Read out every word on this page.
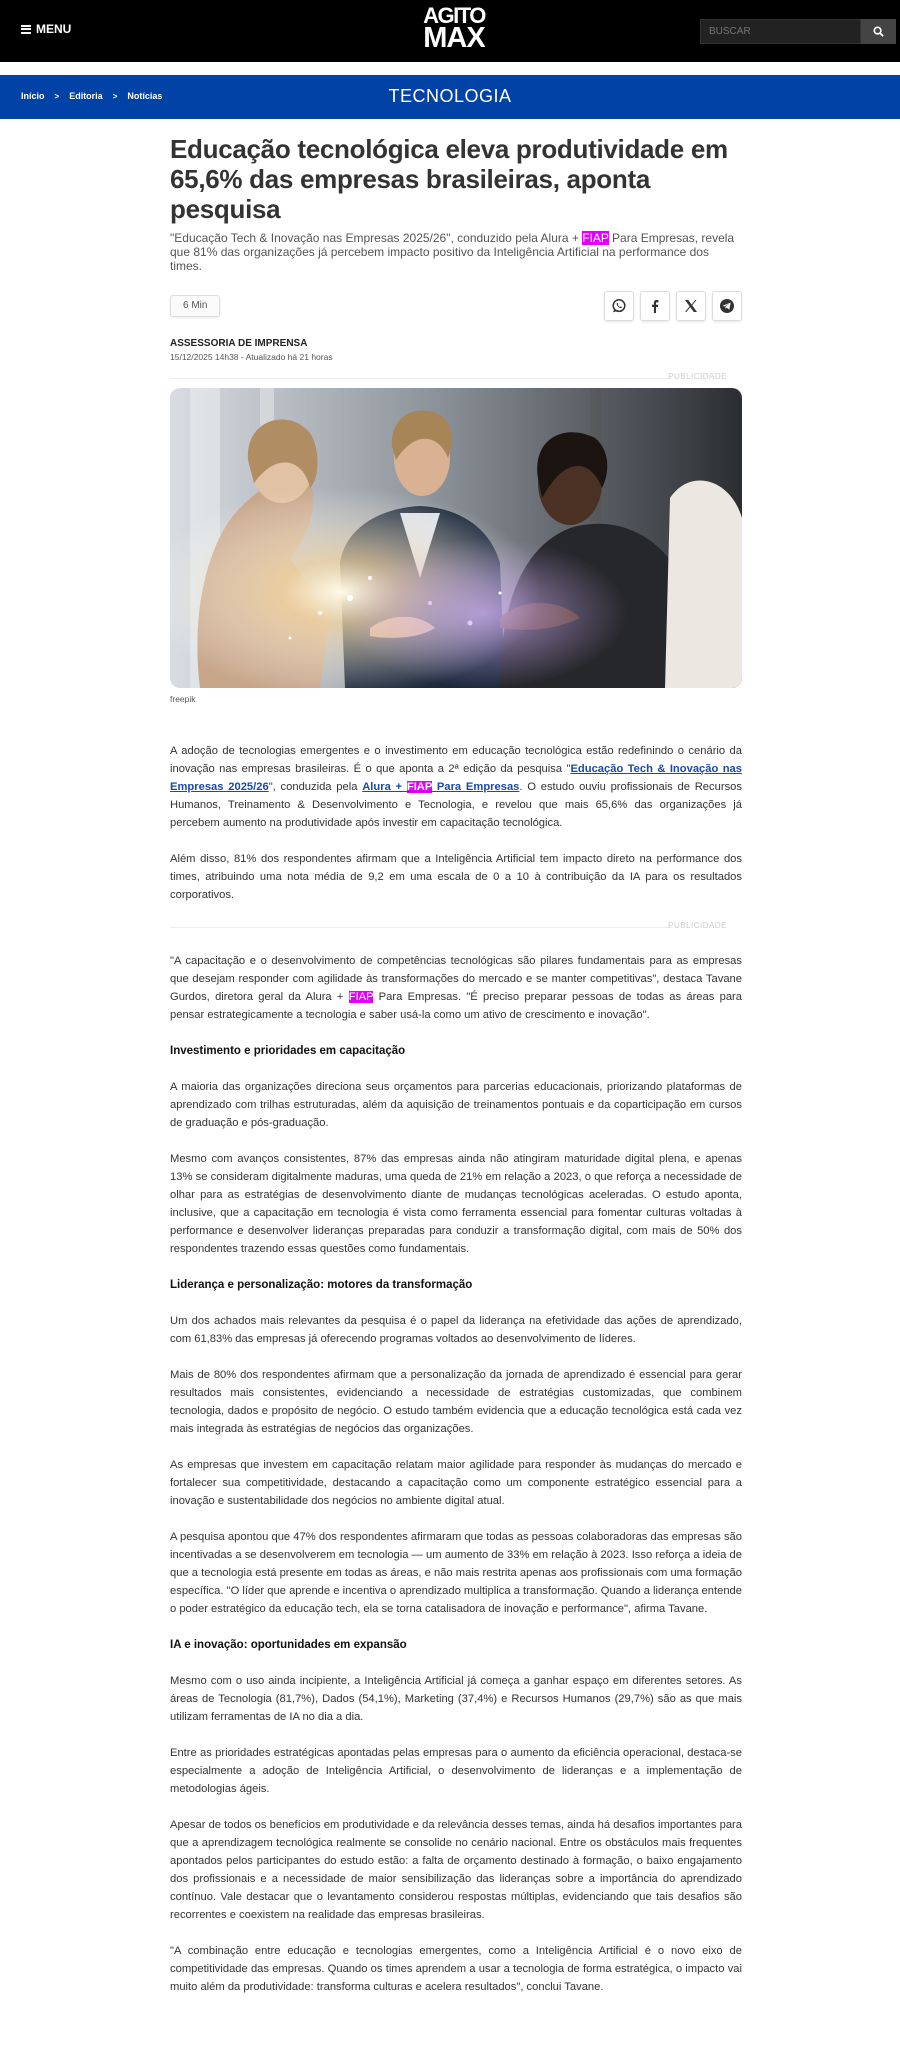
MENU
AGITO
MAX
BUSCAR
Início > Editoria > Notícias	TECNOLOGIA
Educação tecnológica eleva produtividade em 65,6% das empresas brasileiras, aponta pesquisa
"Educação Tech & Inovação nas Empresas 2025/26", conduzido pela Alura + FIAP Para Empresas, revela que 81% das organizações já percebem impacto positivo da Inteligência Artificial na performance dos times.
6 Min
ASSESSORIA DE IMPRENSA
15/12/2025 14h38 - Atualizado há 21 horas
PUBLICIDADE
freepik

A adoção de tecnologias emergentes e o investimento em educação tecnológica estão redefinindo o cenário da inovação nas empresas brasileiras. É o que aponta a 2ª edição da pesquisa "Educação Tech & Inovação nas Empresas 2025/26", conduzida pela Alura + FIAP Para Empresas. O estudo ouviu profissionais de Recursos Humanos, Treinamento & Desenvolvimento e Tecnologia, e revelou que mais 65,6% das organizações já percebem aumento na produtividade após investir em capacitação tecnológica.

Além disso, 81% dos respondentes afirmam que a Inteligência Artificial tem impacto direto na performance dos times, atribuindo uma nota média de 9,2 em uma escala de 0 a 10 à contribuição da IA para os resultados corporativos.

PUBLICIDADE

"A capacitação e o desenvolvimento de competências tecnológicas são pilares fundamentais para as empresas que desejam responder com agilidade às transformações do mercado e se manter competitivas", destaca Tavane Gurdos, diretora geral da Alura + FIAP Para Empresas. "É preciso preparar pessoas de todas as áreas para pensar estrategicamente a tecnologia e saber usá-la como um ativo de crescimento e inovação".

Investimento e prioridades em capacitação

A maioria das organizações direciona seus orçamentos para parcerias educacionais, priorizando plataformas de aprendizado com trilhas estruturadas, além da aquisição de treinamentos pontuais e da coparticipação em cursos de graduação e pós-graduação.

Mesmo com avanços consistentes, 87% das empresas ainda não atingiram maturidade digital plena, e apenas 13% se consideram digitalmente maduras, uma queda de 21% em relação a 2023, o que reforça a necessidade de olhar para as estratégias de desenvolvimento diante de mudanças tecnológicas aceleradas. O estudo aponta, inclusive, que a capacitação em tecnologia é vista como ferramenta essencial para fomentar culturas voltadas à performance e desenvolver lideranças preparadas para conduzir a transformação digital, com mais de 50% dos respondentes trazendo essas questões como fundamentais.

Liderança e personalização: motores da transformação

Um dos achados mais relevantes da pesquisa é o papel da liderança na efetividade das ações de aprendizado, com 61,83% das empresas já oferecendo programas voltados ao desenvolvimento de líderes.

Mais de 80% dos respondentes afirmam que a personalização da jornada de aprendizado é essencial para gerar resultados mais consistentes, evidenciando a necessidade de estratégias customizadas, que combinem tecnologia, dados e propósito de negócio. O estudo também evidencia que a educação tecnológica está cada vez mais integrada às estratégias de negócios das organizações.

As empresas que investem em capacitação relatam maior agilidade para responder às mudanças do mercado e fortalecer sua competitividade, destacando a capacitação como um componente estratégico essencial para a inovação e sustentabilidade dos negócios no ambiente digital atual.

A pesquisa apontou que 47% dos respondentes afirmaram que todas as pessoas colaboradoras das empresas são incentivadas a se desenvolverem em tecnologia — um aumento de 33% em relação à 2023. Isso reforça a ideia de que a tecnologia está presente em todas as áreas, e não mais restrita apenas aos profissionais com uma formação específica. "O líder que aprende e incentiva o aprendizado multiplica a transformação. Quando a liderança entende o poder estratégico da educação tech, ela se torna catalisadora de inovação e performance", afirma Tavane.

IA e inovação: oportunidades em expansão

Mesmo com o uso ainda incipiente, a Inteligência Artificial já começa a ganhar espaço em diferentes setores. As áreas de Tecnologia (81,7%), Dados (54,1%), Marketing (37,4%) e Recursos Humanos (29,7%) são as que mais utilizam ferramentas de IA no dia a dia.

Entre as prioridades estratégicas apontadas pelas empresas para o aumento da eficiência operacional, destaca-se especialmente a adoção de Inteligência Artificial, o desenvolvimento de lideranças e a implementação de metodologias ágeis.

Apesar de todos os benefícios em produtividade e da relevância desses temas, ainda há desafios importantes para que a aprendizagem tecnológica realmente se consolide no cenário nacional. Entre os obstáculos mais frequentes apontados pelos participantes do estudo estão: a falta de orçamento destinado à formação, o baixo engajamento dos profissionais e a necessidade de maior sensibilização das lideranças sobre a importância do aprendizado contínuo. Vale destacar que o levantamento considerou respostas múltiplas, evidenciando que tais desafios são recorrentes e coexistem na realidade das empresas brasileiras.

"A combinação entre educação e tecnologias emergentes, como a Inteligência Artificial é o novo eixo de competitividade das empresas. Quando os times aprendem a usar a tecnologia de forma estratégica, o impacto vai muito além da produtividade: transforma culturas e acelera resultados", conclui Tavane.
